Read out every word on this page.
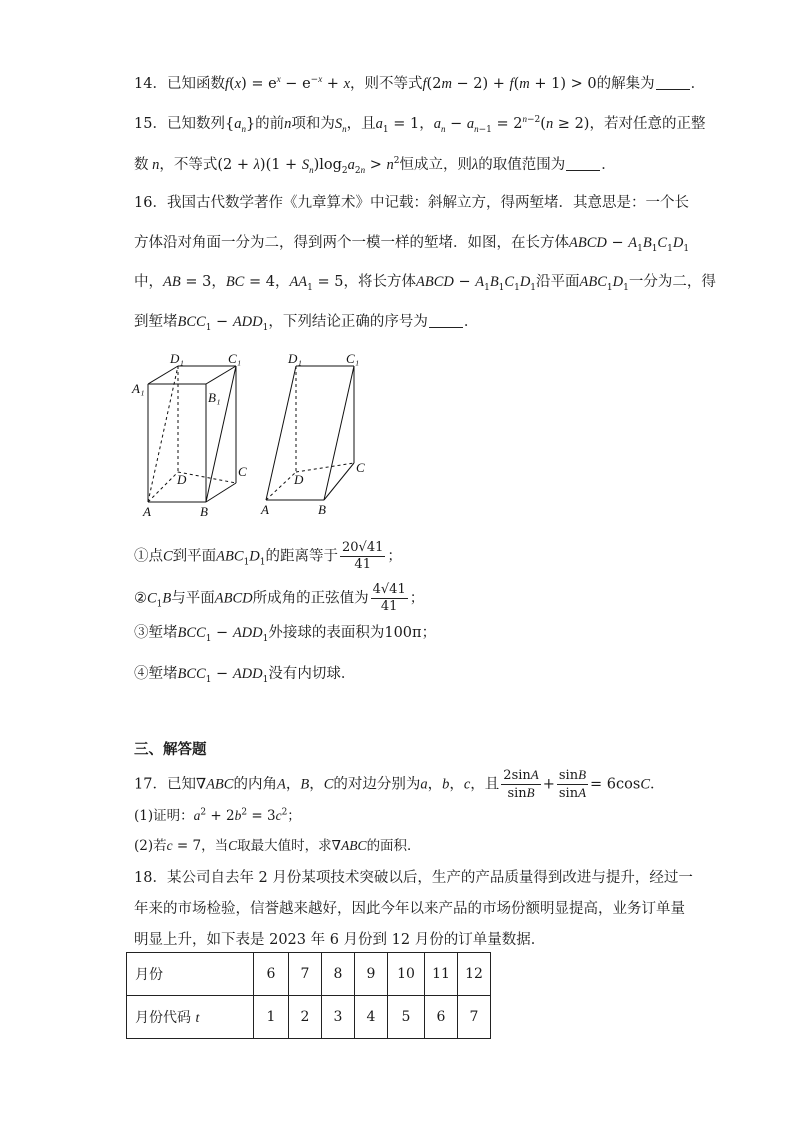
14．已知函数$f(x) = e^x - e^{-x} + x$，则不等式f(2m − 2) + f(m + 1) > 0的解集为 ．
15．已知数列$\{a_n\}$的前n项和为$S_n$，且$a_1 = 1$，$a_n - a_{n-1} = 2^{n-2}(n \ge 2)$，若对任意的正整
数 n，不等式$(2 + \lambda)(1 + S_n)\log_2a_{2n} > n^2$恒成立，则λ的取值范围为 ．
16．我国古代数学著作《九章算术》中记载：斜解立方，得两堑堵．其意思是：一个长
方体沿对角面一分为二，得到两个一模一样的堑堵．如图，在长方体ABCD − $A_1B_1C_1D_1$
中，AB = 3，BC = 4，$AA_1 = 5$，将长方体ABCD − $A_1B_1C_1D_1$沿平面$ABC_1D_1$一分为二，得
到堑堵$BCC_1 - ADD_1$，下列结论正确的序号为 ．
D₁	C₁
A₁
B₁
D
C
A	B
D₁	C₁
D
C
A	B
①点C到平面$ABC_1D_1$的距离等于 $\frac{20√41}{41}$ ；
$②C_1B$与平面ABCD所成角的正弦值为 $\frac{4√41}{41}$ ；
③堑堵$BCC_1 - ADD_1$外接球的表面积为100π；
④堑堵$BCC_1 - ADD_1$没有内切球．
三、解答题
17．已知∇ABC的内角A，B，C的对边分别为a，b，c，且 $\frac{2\sin A}{\sin B} + \frac{\sin B}{\sin A} = 6\cos C$．
(1)证明：$a^2 + 2b^2 = 3c^2$；
(2)若c = 7，当C取最大值时，求∇ABC的面积．
18．某公司自去年 2 月份某项技术突破以后，生产的产品质量得到改进与提升，经过一
年来的市场检验，信誉越来越好，因此今年以来产品的市场份额明显提高，业务订单量
明显上升，如下表是 2023 年 6 月份到 12 月份的订单量数据．
月份	6	7	8	9	10	11	12
月份代码 t	1	2	3	4	5	6	7
